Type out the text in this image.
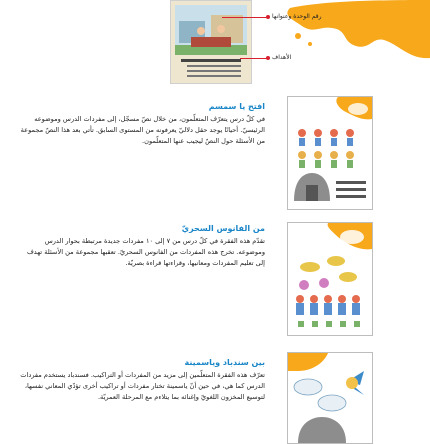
رقم الوحدة وعنوانها
الأهداف
افتح يا سمسم

في كلّ درس يتعرّف المتعلّمون، من خلال نصّ مسجّل، إلى مفردات الدرس وموضوعه الرئيسيّ. أحيانًا يوجد حقل دلاليّ يعرفونه من المستوى السابق. تأتي بعد هذا النصّ مجموعة من الأسئلة حول النصّ ليجيب عنها المتعلّمون.

من الفانوس السحريّ

تقدّم هذه الفقرة في كلّ درس من ٧ إلى ١٠ مفردات جديدة مرتبطة بحوار الدرس وموضوعه. تخرج هذه المفردات من الفانوس السحريّ. تعقبها مجموعة من الأسئلة تهدف إلى تعليم المفردات ومعانيها، وقراءتها قراءة بصريّة.

بين سندباد وياسمينة

تعرّف هذه الفقرة المتعلّمين إلى مزيد من المفردات أو التراكيب. فسندباد يستخدم مفردات الدرس كما هي، في حين أنّ ياسمينة تختار مفردات أو تراكيب أخرى تؤدّي المعاني نفسها، لتوسيع المخزون اللغويّ وإغنائه بما يتلاءم مع المرحلة العمريّة.
